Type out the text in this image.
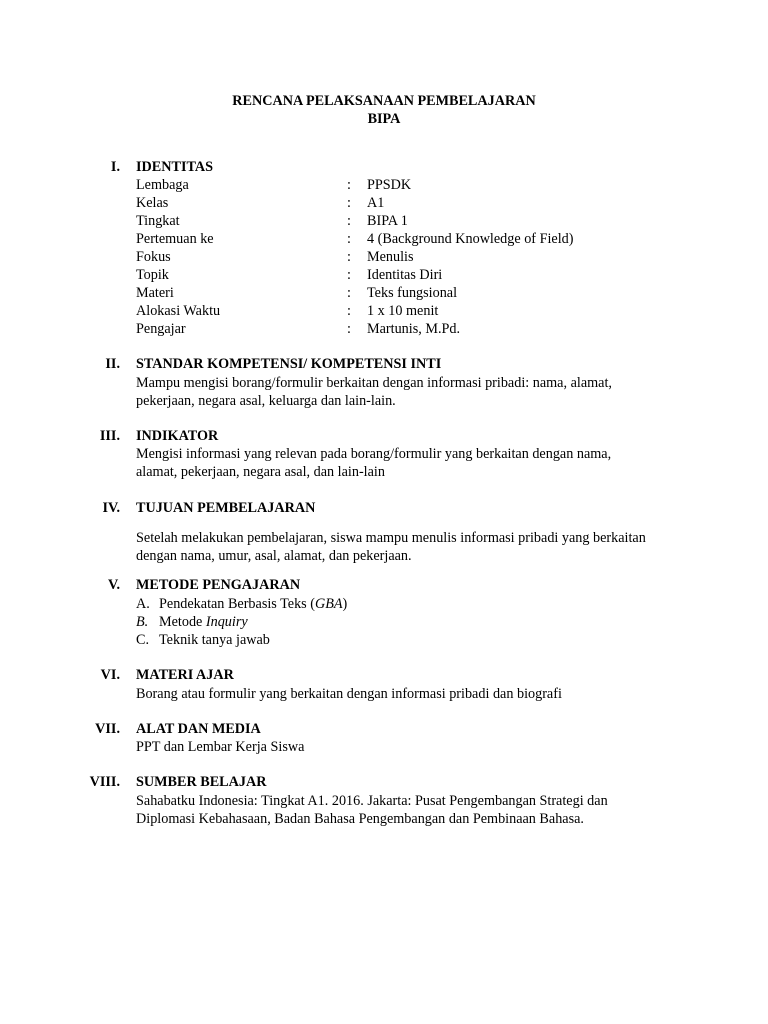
RENCANA PELAKSANAAN PEMBELAJARAN
BIPA
I. IDENTITAS
Lembaga	: PPSDK
Kelas	: A1
Tingkat	: BIPA 1
Pertemuan ke	: 4 (Background Knowledge of Field)
Fokus	: Menulis
Topik	: Identitas Diri
Materi	: Teks fungsional
Alokasi Waktu	: 1 x 10 menit
Pengajar	: Martunis, M.Pd.
II. STANDAR KOMPETENSI/ KOMPETENSI INTI
Mampu mengisi borang/formulir berkaitan dengan informasi pribadi: nama, alamat,
pekerjaan, negara asal, keluarga dan lain-lain.
III. INDIKATOR
Mengisi informasi yang relevan pada borang/formulir yang berkaitan dengan nama,
alamat, pekerjaan, negara asal, dan lain-lain
IV. TUJUAN PEMBELAJARAN
Setelah melakukan pembelajaran, siswa mampu menulis informasi pribadi yang berkaitan
dengan nama, umur, asal, alamat, dan pekerjaan.
V. METODE PENGAJARAN
A. Pendekatan Berbasis Teks (GBA)
B. Metode Inquiry
C. Teknik tanya jawab
VI. MATERI AJAR
Borang atau formulir yang berkaitan dengan informasi pribadi dan biografi
VII. ALAT DAN MEDIA
PPT dan Lembar Kerja Siswa
VIII. SUMBER BELAJAR
Sahabatku Indonesia: Tingkat A1. 2016. Jakarta: Pusat Pengembangan Strategi dan
Diplomasi Kebahasaan, Badan Bahasa Pengembangan dan Pembinaan Bahasa.
